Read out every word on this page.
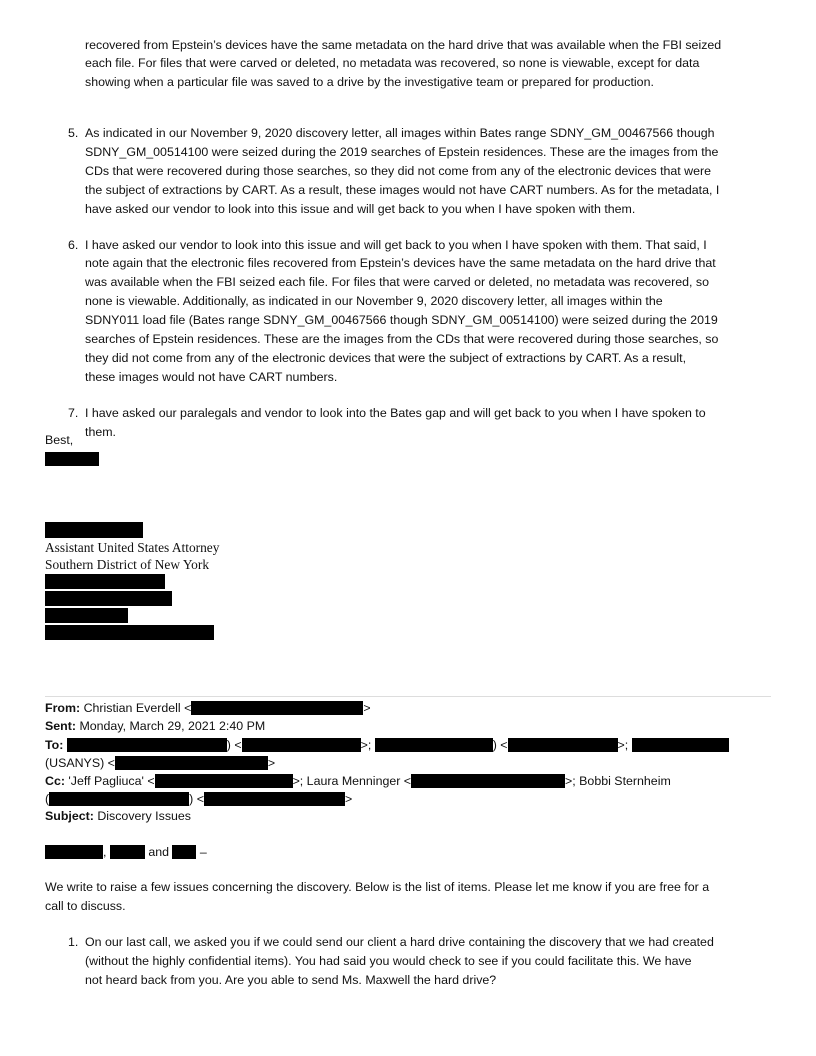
recovered from Epstein’s devices have the same metadata on the hard drive that was available when the FBI seized
each file. For files that were carved or deleted, no metadata was recovered, so none is viewable, except for data
showing when a particular file was saved to a drive by the investigative team or prepared for production.
5. As indicated in our November 9, 2020 discovery letter, all images within Bates range SDNY_GM_00467566 though
SDNY_GM_00514100 were seized during the 2019 searches of Epstein residences. These are the images from the
CDs that were recovered during those searches, so they did not come from any of the electronic devices that were
the subject of extractions by CART. As a result, these images would not have CART numbers. As for the metadata, I
have asked our vendor to look into this issue and will get back to you when I have spoken with them.
6. I have asked our vendor to look into this issue and will get back to you when I have spoken with them. That said, I
note again that the electronic files recovered from Epstein’s devices have the same metadata on the hard drive that
was available when the FBI seized each file. For files that were carved or deleted, no metadata was recovered, so
none is viewable. Additionally, as indicated in our November 9, 2020 discovery letter, all images within the
SDNY011 load file (Bates range SDNY_GM_00467566 though SDNY_GM_00514100) were seized during the 2019
searches of Epstein residences. These are the images from the CDs that were recovered during those searches, so
they did not come from any of the electronic devices that were the subject of extractions by CART. As a result,
these images would not have CART numbers.
7. I have asked our paralegals and vendor to look into the Bates gap and will get back to you when I have spoken to
them.
Best,
Assistant United States Attorney
Southern District of New York
From: Christian Everdell <	>
Sent: Monday, March 29, 2021 2:40 PM
To:	) <	>;	) <	>;
(USANYS) <	>
Cc: 'Jeff Pagliuca' <	>; Laura Menninger <	>; Bobbi Sternheim
(	) <	>
Subject: Discovery Issues
,	and  –
We write to raise a few issues concerning the discovery. Below is the list of items. Please let me know if you are free for a
call to discuss.
1. On our last call, we asked you if we could send our client a hard drive containing the discovery that we had created
(without the highly confidential items). You had said you would check to see if you could facilitate this. We have
not heard back from you. Are you able to send Ms. Maxwell the hard drive?
